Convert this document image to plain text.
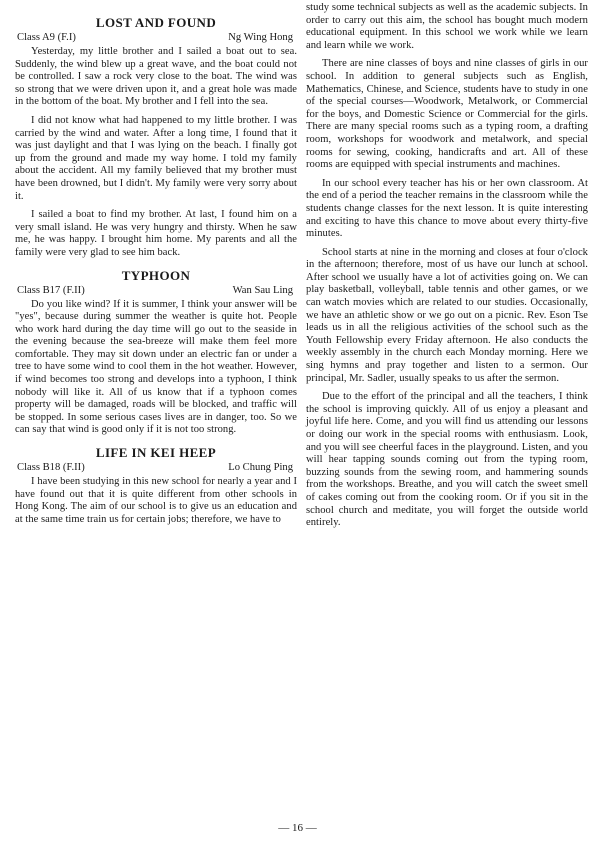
LOST AND FOUND
Class A9 (F.I)	Ng Wing Hong

Yesterday, my little brother and I sailed a boat out to sea. Suddenly, the wind blew up a great wave, and the boat could not be controlled. I saw a rock very close to the boat. The wind was so strong that we were driven upon it, and a great hole was made in the bottom of the boat. My brother and I fell into the sea.

I did not know what had happened to my little brother. I was carried by the wind and water. After a long time, I found that it was just daylight and that I was lying on the beach. I finally got up from the ground and made my way home. I told my family about the accident. All my family believed that my brother must have been drowned, but I didn't. My family were very sorry about it.

I sailed a boat to find my brother. At last, I found him on a very small island. He was very hungry and thirsty. When he saw me, he was happy. I brought him home. My parents and all the family were very glad to see him back.

TYPHOON
Class B17 (F.II)	Wan Sau Ling

Do you like wind? If it is summer, I think your answer will be "yes", because during summer the weather is quite hot. People who work hard during the day time will go out to the seaside in the evening because the sea-breeze will make them feel more comfortable. They may sit down under an electric fan or under a tree to have some wind to cool them in the hot weather. However, if wind becomes too strong and develops into a typhoon, I think nobody will like it. All of us know that if a typhoon comes property will be damaged, roads will be blocked, and traffic will be stopped. In some serious cases lives are in danger, too. So we can say that wind is good only if it is not too strong.

LIFE IN KEI HEEP
Class B18 (F.II)	Lo Chung Ping

I have been studying in this new school for nearly a year and I have found out that it is quite different from other schools in Hong Kong. The aim of our school is to give us an education and at the same time train us for certain jobs; therefore, we have to

study some technical subjects as well as the academic subjects. In order to carry out this aim, the school has bought much modern educational equipment. In this school we work while we learn and learn while we work.

There are nine classes of boys and nine classes of girls in our school. In addition to general subjects such as English, Mathematics, Chinese, and Science, students have to study in one of the special courses—Woodwork, Metalwork, or Commercial for the boys, and Domestic Science or Commercial for the girls. There are many special rooms such as a typing room, a drafting room, workshops for woodwork and metalwork, and special rooms for sewing, cooking, handicrafts and art. All of these rooms are equipped with special instruments and machines.

In our school every teacher has his or her own classroom. At the end of a period the teacher remains in the classroom while the students change classes for the next lesson. It is quite interesting and exciting to have this chance to move about every thirty-five minutes.

School starts at nine in the morning and closes at four o'clock in the afternoon; therefore, most of us have our lunch at school. After school we usually have a lot of activities going on. We can play basketball, volleyball, table tennis and other games, or we can watch movies which are related to our studies. Occasionally, we have an athletic show or we go out on a picnic. Rev. Eson Tse leads us in all the religious activities of the school such as the Youth Fellowship every Friday afternoon. He also conducts the weekly assembly in the church each Monday morning. Here we sing hymns and pray together and listen to a sermon. Our principal, Mr. Sadler, usually speaks to us after the sermon.

Due to the effort of the principal and all the teachers, I think the school is improving quickly. All of us enjoy a pleasant and joyful life here. Come, and you will find us attending our lessons or doing our work in the special rooms with enthusiasm. Look, and you will see cheerful faces in the playground. Listen, and you will hear tapping sounds coming out from the typing room, buzzing sounds from the sewing room, and hammering sounds from the workshops. Breathe, and you will catch the sweet smell of cakes coming out from the cooking room. Or if you sit in the school church and meditate, you will forget the outside world entirely.

— 16 —
